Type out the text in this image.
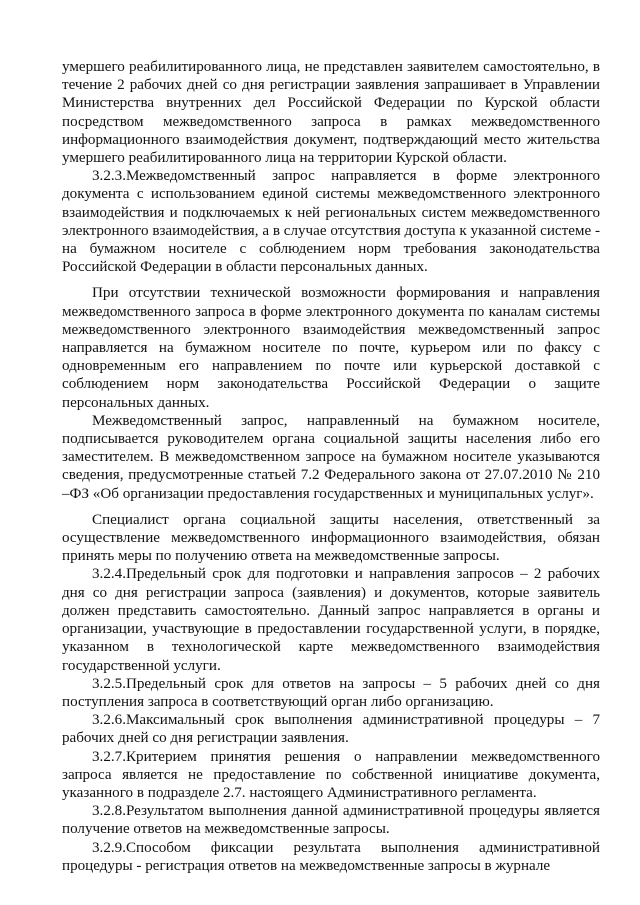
умершего реабилитированного лица, не представлен заявителем самостоятельно, в течение 2 рабочих дней со дня регистрации заявления запрашивает в Управлении Министерства внутренних дел Российской Федерации по Курской области посредством межведомственного запроса в рамках межведомственного информационного взаимодействия документ, подтверждающий место жительства умершего реабилитированного лица на территории Курской области.

3.2.3.Межведомственный запрос направляется в форме электронного документа с использованием единой системы межведомственного электронного взаимодействия и подключаемых к ней региональных систем межведомственного электронного взаимодействия, а в случае отсутствия доступа к указанной системе - на бумажном носителе с соблюдением норм требования законодательства Российской Федерации в области персональных данных.

При отсутствии технической возможности формирования и направления межведомственного запроса в форме электронного документа по каналам системы межведомственного электронного взаимодействия межведомственный запрос направляется на бумажном носителе по почте, курьером или по факсу с одновременным его направлением по почте или курьерской доставкой с соблюдением норм законодательства Российской Федерации о защите персональных данных.

Межведомственный запрос, направленный на бумажном носителе, подписывается руководителем органа социальной защиты населения либо его заместителем. В межведомственном запросе на бумажном носителе указываются сведения, предусмотренные статьей 7.2 Федерального закона от 27.07.2010 № 210 –ФЗ «Об организации предоставления государственных и муниципальных услуг».

Специалист органа социальной защиты населения, ответственный за осуществление межведомственного информационного взаимодействия, обязан принять меры по получению ответа на межведомственные запросы.

3.2.4.Предельный срок для подготовки и направления запросов – 2 рабочих дня со дня регистрации запроса (заявления) и документов, которые заявитель должен представить самостоятельно. Данный запрос направляется в органы и организации, участвующие в предоставлении государственной услуги, в порядке, указанном в технологической карте межведомственного взаимодействия государственной услуги.

3.2.5.Предельный срок для ответов на запросы – 5 рабочих дней со дня поступления запроса в соответствующий орган либо организацию.

3.2.6.Максимальный срок выполнения административной процедуры – 7 рабочих дней со дня регистрации заявления.

3.2.7.Критерием принятия решения о направлении межведомственного запроса является не предоставление по собственной инициативе документа, указанного в подразделе 2.7. настоящего Административного регламента.

3.2.8.Результатом выполнения данной административной процедуры является получение ответов на межведомственные запросы.

3.2.9.Способом фиксации результата выполнения административной процедуры - регистрация ответов на межведомственные запросы в журнале
